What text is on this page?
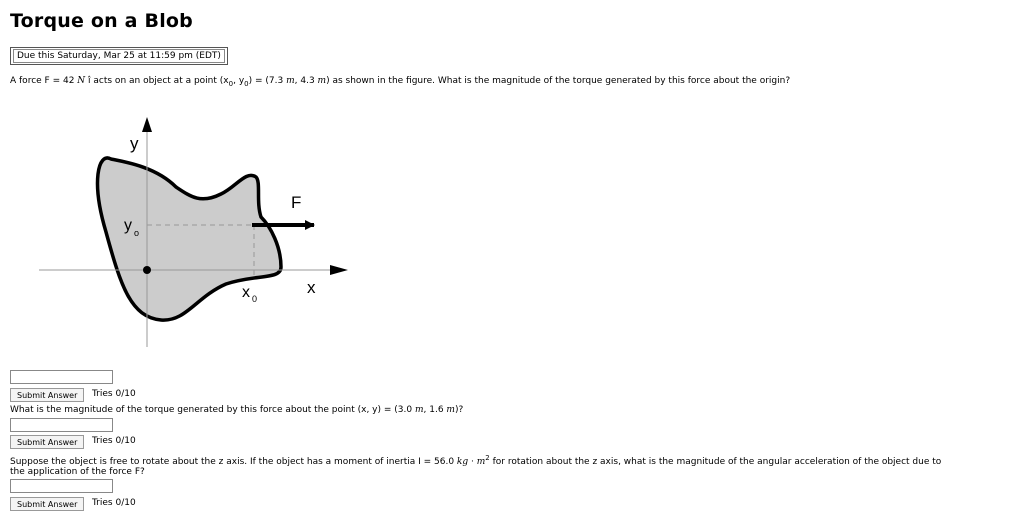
Torque on a Blob
Due this Saturday, Mar 25 at 11:59 pm (EDT)
A force F = 42 N î acts on an object at a point ($x_0$, $y_0) = (7.3$ m, 4.3 m) as shown in the figure. What is the magnitude of the torque generated by this force about the origin?
y
x
F
y o
x 0
Submit Answer	Tries 0/10
What is the magnitude of the torque generated by this force about the point (x, y) = (3.0 m, 1.6 m)?
Submit Answer	Tries 0/10
Suppose the object is free to rotate about the z axis. If the object has a moment of inertia I = 56.0 kg · $m^2$ for rotation about the z axis, what is the magnitude of the angular acceleration of the object due to
the application of the force F?
Submit Answer	Tries 0/10
